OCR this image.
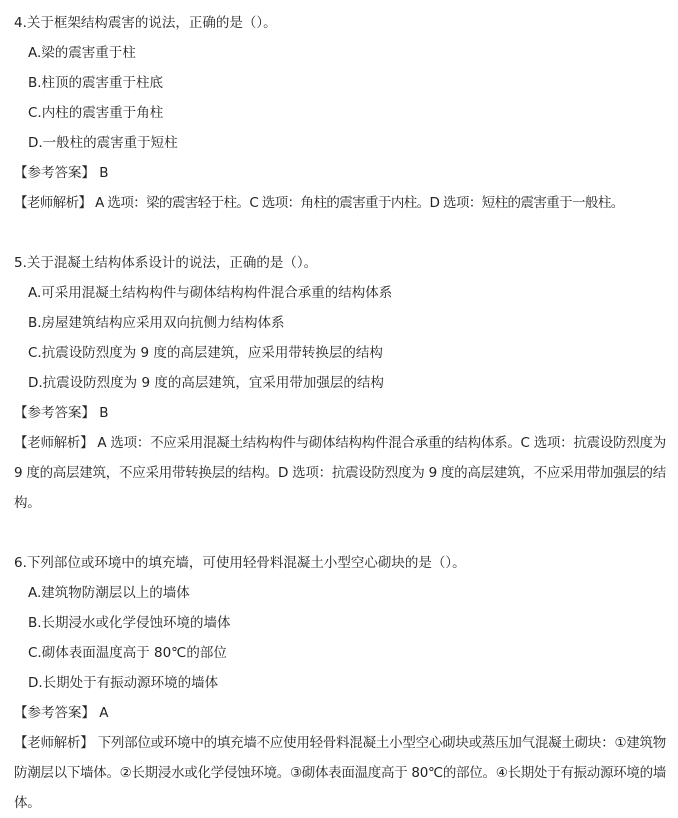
4.关于框架结构震害的说法，正确的是（）。

A.梁的震害重于柱

B.柱顶的震害重于柱底

C.内柱的震害重于角柱

D.一般柱的震害重于短柱

【参考答案】 B

【老师解析】 A 选项：梁的震害轻于柱。C 选项：角柱的震害重于内柱。D 选项：短柱的震害重于一般柱。

5.关于混凝土结构体系设计的说法，正确的是（）。

A.可采用混凝土结构构件与砌体结构构件混合承重的结构体系

B.房屋建筑结构应采用双向抗侧力结构体系

C.抗震设防烈度为 9 度的高层建筑，应采用带转换层的结构

D.抗震设防烈度为 9 度的高层建筑，宜采用带加强层的结构

【参考答案】 B

【老师解析】 A 选项：不应采用混凝土结构构件与砌体结构构件混合承重的结构体系。C 选项：抗震设防烈度为 9 度的高层建筑，不应采用带转换层的结构。D 选项：抗震设防烈度为 9 度的高层建筑，不应采用带加强层的结构。

6.下列部位或环境中的填充墙，可使用轻骨料混凝土小型空心砌块的是（）。

A.建筑物防潮层以上的墙体

B.长期浸水或化学侵蚀环境的墙体

C.砌体表面温度高于 80℃的部位

D.长期处于有振动源环境的墙体

【参考答案】 A

【老师解析】 下列部位或环境中的填充墙不应使用轻骨料混凝土小型空心砌块或蒸压加气混凝土砌块：①建筑物防潮层以下墙体。②长期浸水或化学侵蚀环境。③砌体表面温度高于 80℃的部位。④长期处于有振动源环境的墙体。
